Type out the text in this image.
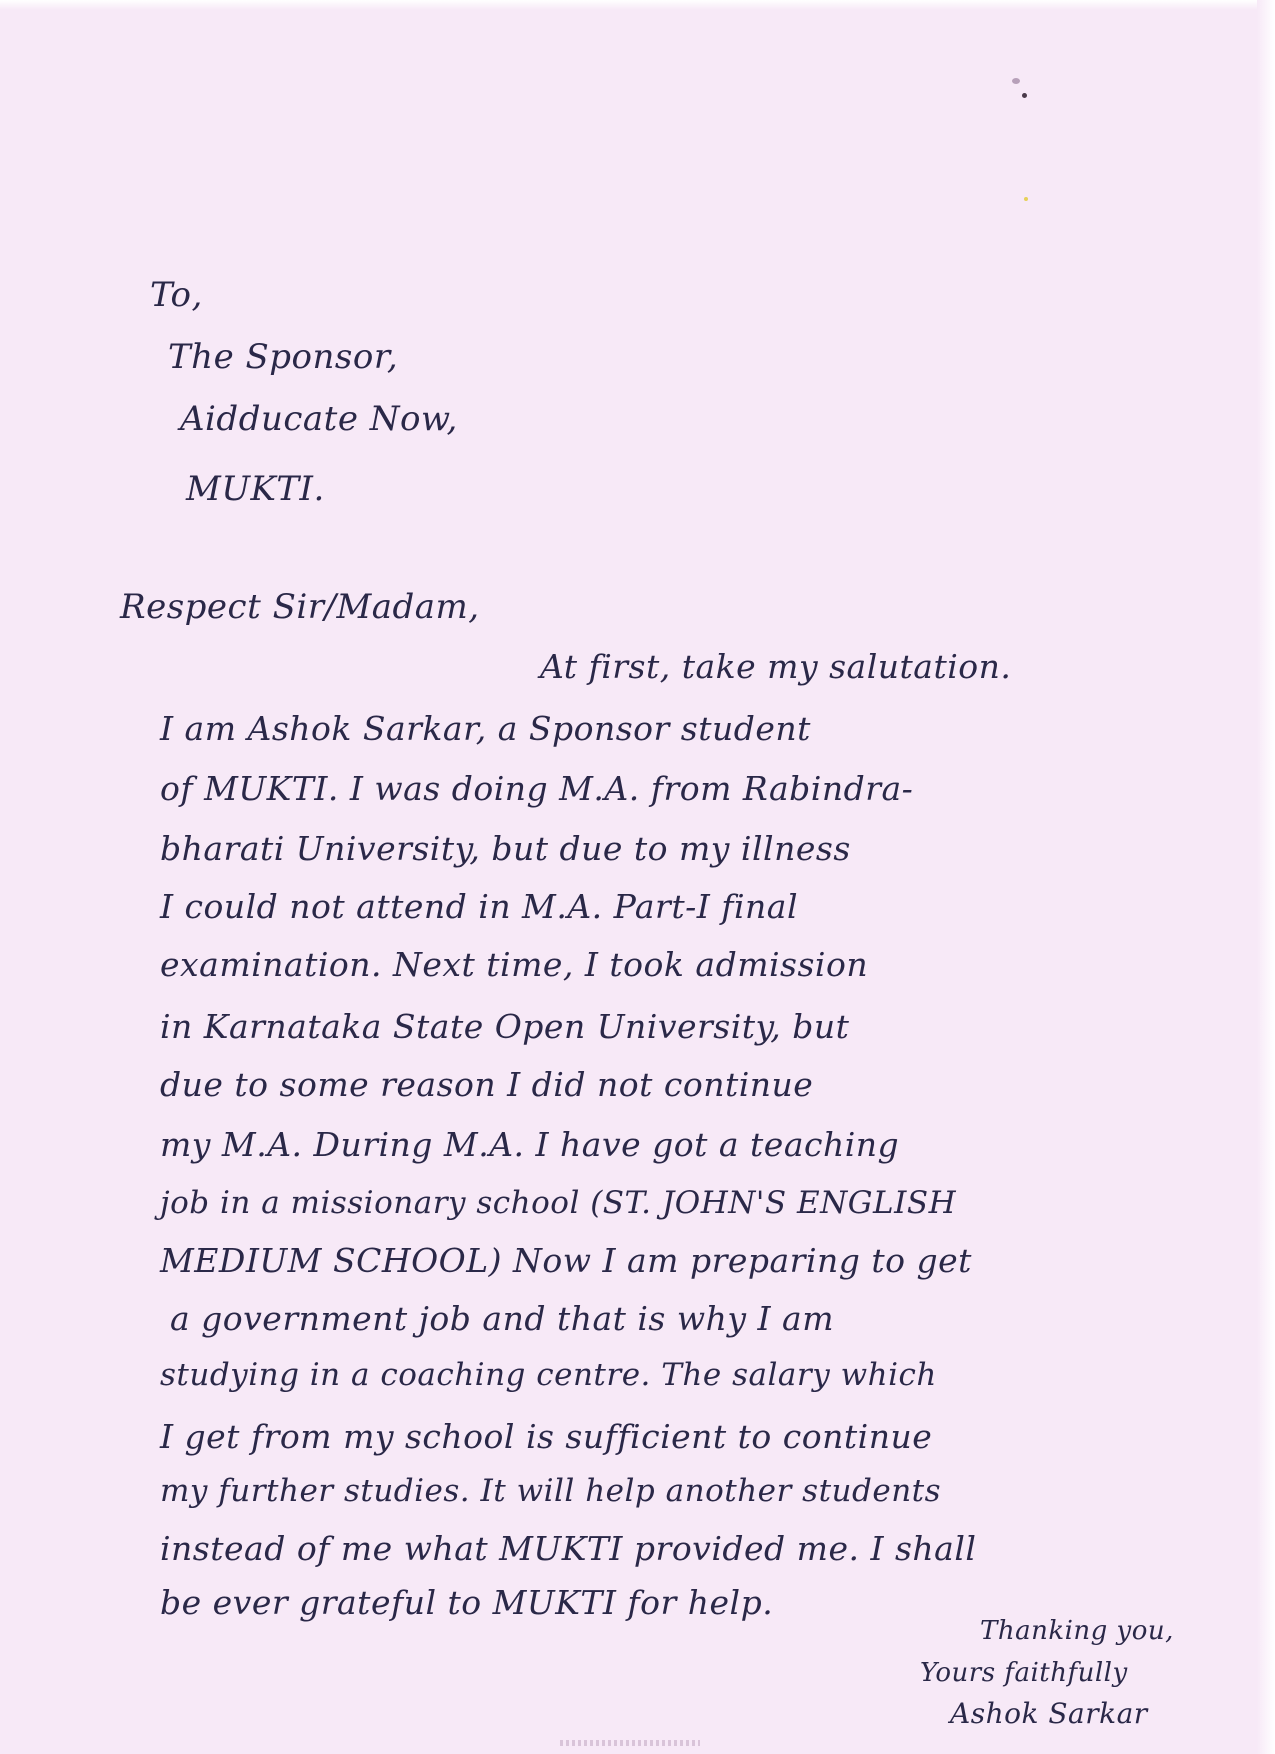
To,
The Sponsor,
Aidducate Now,
MUKTI.
Respect Sir/Madam,
At first, take my salutation.
I am Ashok Sarkar, a Sponsor student
of MUKTI. I was doing M.A. from Rabindra-
bharati University, but due to my illness
I could not attend in M.A. Part-I final
examination. Next time, I took admission
in Karnataka State Open University, but
due to some reason I did not continue
my M.A. During M.A. I have got a teaching
job in a missionary school (ST. JOHN'S ENGLISH
MEDIUM SCHOOL) Now I am preparing to get
a government job and that is why I am
studying in a coaching centre. The salary which
I get from my school is sufficient to continue
my further studies. It will help another students
instead of me what MUKTI provided me. I shall
be ever grateful to MUKTI for help.
Thanking you,
Yours faithfully
Ashok Sarkar
